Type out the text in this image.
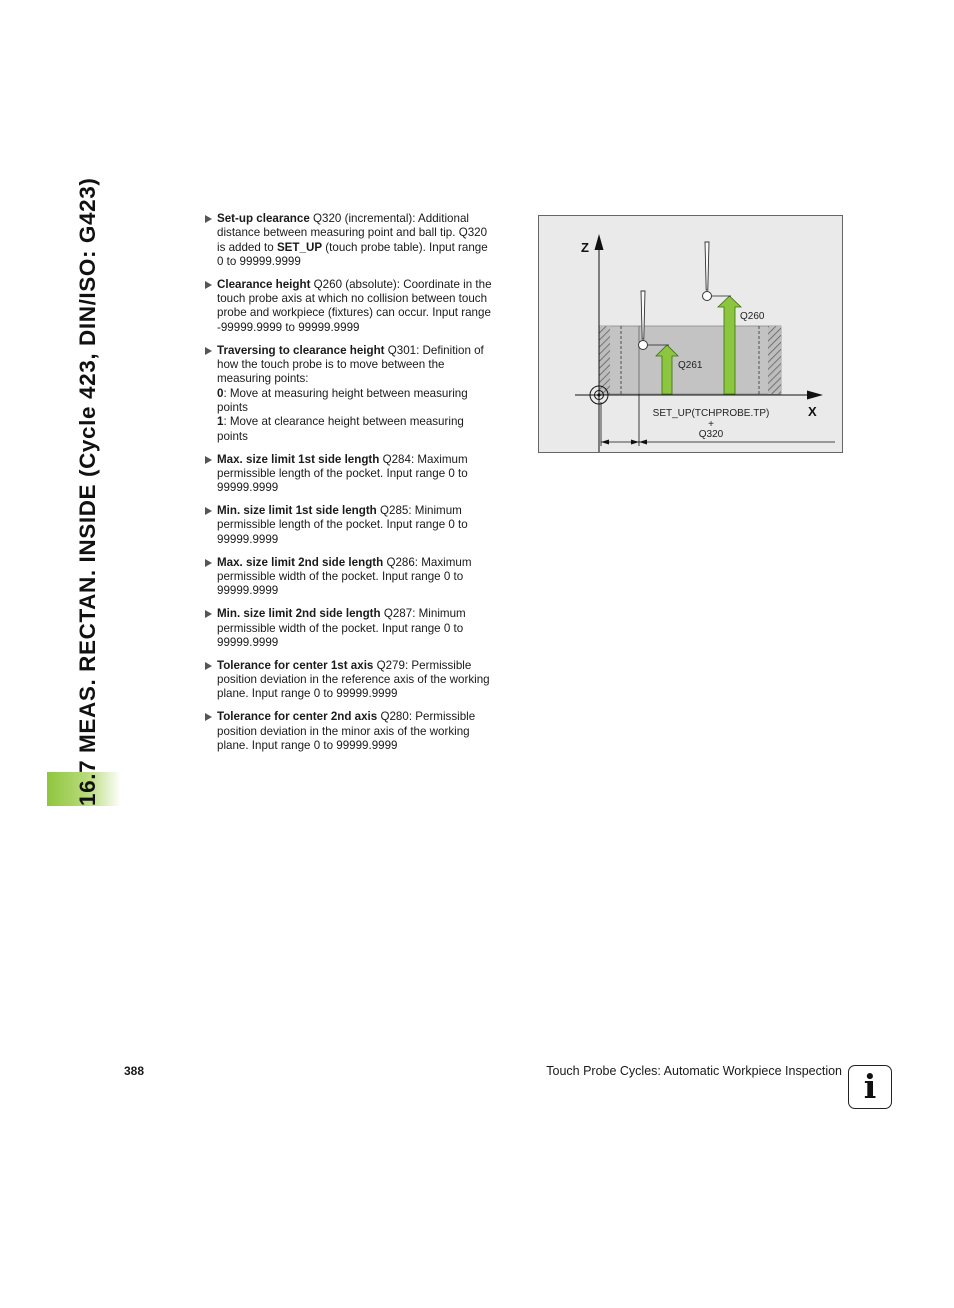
16.7 MEAS. RECTAN. INSIDE (Cycle 423, DIN/ISO: G423)	Set-up clearance Q320 (incremental): Additional
distance between measuring point and ball tip. Q320
is added to SET_UP (touch probe table). Input range
0 to 99999.9999
Clearance height Q260 (absolute): Coordinate in the
touch probe axis at which no collision between touch
probe and workpiece (fixtures) can occur. Input range
-99999.9999 to 99999.9999
Traversing to clearance height Q301: Definition of
how the touch probe is to move between the
measuring points:
0: Move at measuring height between measuring
points
1: Move at clearance height between measuring
points
Max. size limit 1st side length Q284: Maximum
permissible length of the pocket. Input range 0 to
99999.9999
Min. size limit 1st side length Q285: Minimum
permissible length of the pocket. Input range 0 to
99999.9999
Max. size limit 2nd side length Q286: Maximum
permissible width of the pocket. Input range 0 to
99999.9999
Min. size limit 2nd side length Q287: Minimum
permissible width of the pocket. Input range 0 to
99999.9999
Tolerance for center 1st axis Q279: Permissible
position deviation in the reference axis of the working
plane. Input range 0 to 99999.9999
Tolerance for center 2nd axis Q280: Permissible
position deviation in the minor axis of the working
plane. Input range 0 to 99999.9999
Z
X
Q261
Q260
SET_UP(TCHPROBE.TP)
+
Q320
388	Touch Probe Cycles: Automatic Workpiece Inspection i
